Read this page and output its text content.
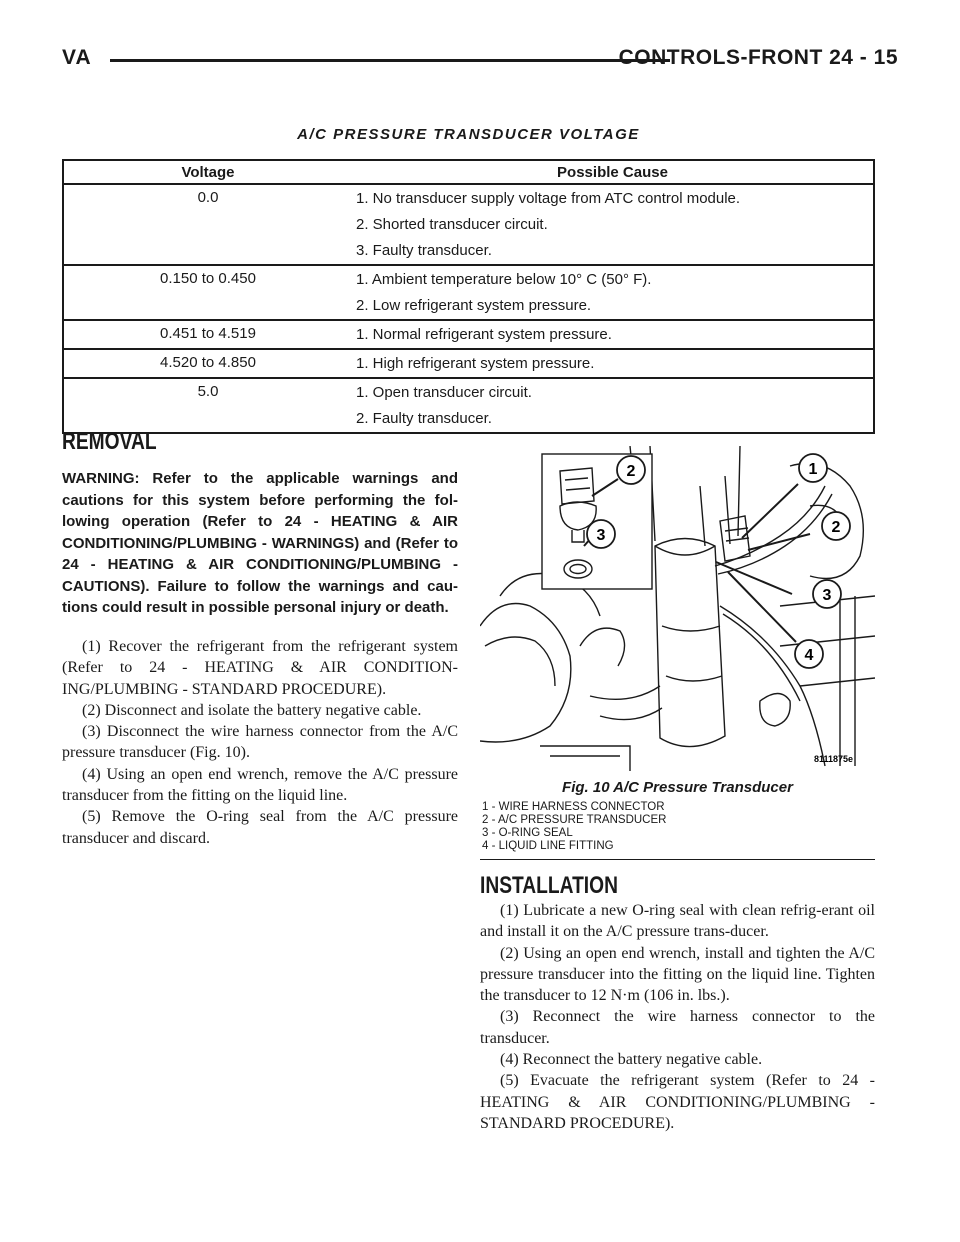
VA	CONTROLS-FRONT 24 - 15
A/C PRESSURE TRANSDUCER VOLTAGE
Voltage	Possible Cause
0.0	1. No transducer supply voltage from ATC control module.
2. Shorted transducer circuit.
3. Faulty transducer.

0.150 to 0.450	1. Ambient temperature below 10° C (50° F).
2. Low refrigerant system pressure.

0.451 to 4.519	1. Normal refrigerant system pressure.

4.520 to 4.850	1. High refrigerant system pressure.

5.0	1. Open transducer circuit.
2. Faulty transducer.
REMOVAL
WARNING: Refer to the applicable warnings and cautions for this system before performing the fol-lowing operation (Refer to 24 - HEATING & AIR CONDITIONING/PLUMBING - WARNINGS) and (Refer to 24 - HEATING & AIR CONDITIONING/PLUMBING - CAUTIONS). Failure to follow the warnings and cau-tions could result in possible personal injury or death.

(1) Recover the refrigerant from the refrigerant system (Refer to 24 - HEATING & AIR CONDITION-ING/PLUMBING - STANDARD PROCEDURE).

(2) Disconnect and isolate the battery negative cable.

(3) Disconnect the wire harness connector from the A/C pressure transducer (Fig. 10).

(4) Using an open end wrench, remove the A/C pressure transducer from the fitting on the liquid line.

(5) Remove the O-ring seal from the A/C pressure transducer and discard.

2
3
1
2
3
4
8111875e
Fig. 10 A/C Pressure Transducer
1 - WIRE HARNESS CONNECTOR
2 - A/C PRESSURE TRANSDUCER
3 - O-RING SEAL
4 - LIQUID LINE FITTING
INSTALLATION

(1) Lubricate a new O-ring seal with clean refrig-erant oil and install it on the A/C pressure trans-ducer.

(2) Using an open end wrench, install and tighten the A/C pressure transducer into the fitting on the liquid line. Tighten the transducer to 12 N·m (106 in. lbs.).

(3) Reconnect the wire harness connector to the transducer.

(4) Reconnect the battery negative cable.

(5) Evacuate the refrigerant system (Refer to 24 - HEATING & AIR CONDITIONING/PLUMBING - STANDARD PROCEDURE).
